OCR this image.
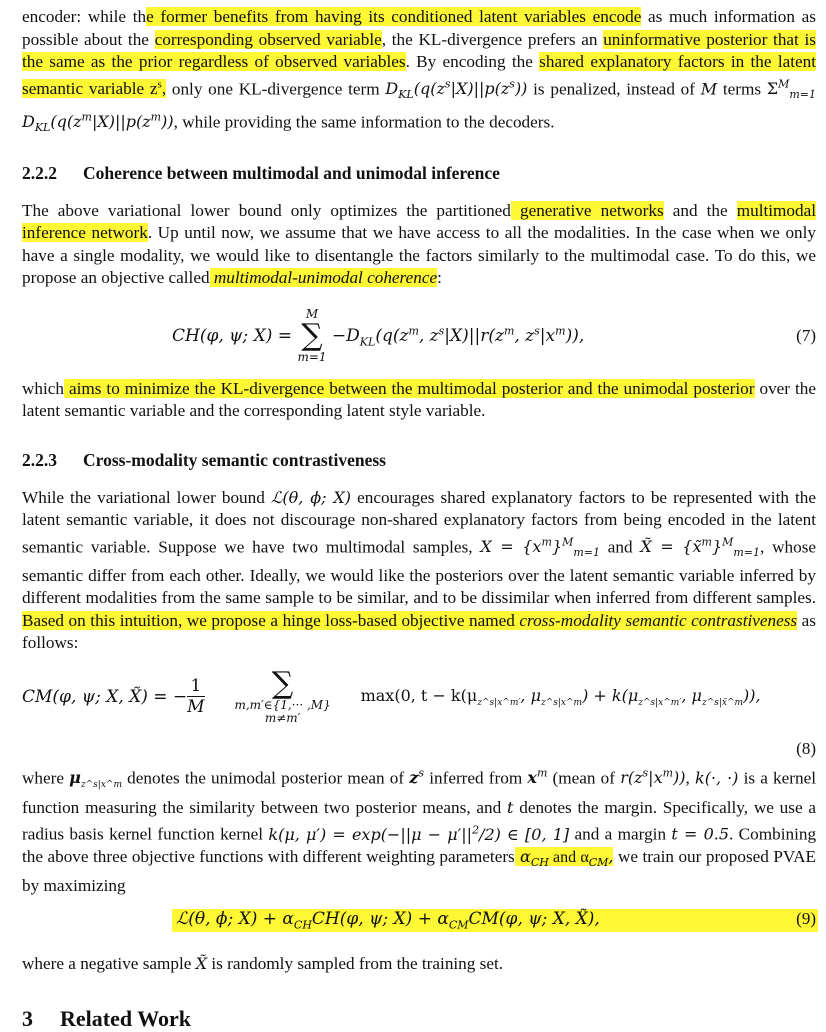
encoder: while the former benefits from having its conditioned latent variables encode as much information as possible about the corresponding observed variable, the KL-divergence prefers an uninformative posterior that is the same as the prior regardless of observed variables. By encoding the shared explanatory factors in the latent semantic variable $z^s$, only one KL-divergence term $D_{KL}(q(z^s|X)||p(z^s))$ is penalized, instead of M terms $\Sigma^M_{m=1}$ $D_{KL}(q(z^m|X)||p(z^m))$, while providing the same information to the decoders.

2.2.2 Coherence between multimodal and unimodal inference

The above variational lower bound only optimizes the partitioned generative networks and the multimodal inference network. Up until now, we assume that we have access to all the modalities. In the case when we only have a single modality, we would like to disentangle the factors similarly to the multimodal case. To do this, we propose an objective called multimodal-unimodal coherence:

CH(φ, ψ; X) =
M
∑
m=1
$-D_{KL}(q(z^m$, $z^s|X)||r(z^m$, $z^s|x^m$)),	(7)

which aims to minimize the KL-divergence between the multimodal posterior and the unimodal posterior over the latent semantic variable and the corresponding latent style variable.

2.2.3 Cross-modality semantic contrastiveness

While the variational lower bound ℒ(θ, ϕ; X) encourages shared explanatory factors to be represented with the latent semantic variable, it does not discourage non-shared explanatory factors from being encoded in the latent semantic variable. Suppose we have two multimodal samples, $X = \{x^m\}^M_{m=1}$ and X̃ = {x̃$^m$}$^M_{m=1}$, whose semantic differ from each other. Ideally, we would like the posteriors over the latent semantic variable inferred by different modalities from the same sample to be similar, and to be dissimilar when inferred from different samples. Based on this intuition, we propose a hinge loss-based objective named cross-modality semantic contrastiveness as follows:

CM(φ, ψ; X, X̃) = − $\frac{1}{M}$	∑
m,m′∈{1,··· ,M}
m≠m′
max(0, $t - k(\mu_{z\^{}s|x\^{}m'}$, $\mu_{z\^{}s|x\^{}m}) + k(\mu_{z\^{}s|x\^{}m'}$, $\mu_{z\^{}s|x̃\^{}m}$)),
(8)

where $\mu_{z\^{}s|x\^{}m}$ denotes the unimodal posterior mean of $z^s$ inferred from $x^m$ (mean of $r(z^s|x^m)$), k(·, ·) is a kernel function measuring the similarity between two posterior means, and t denotes the margin. Specifically, we use a radius basis kernel function kernel k(μ, $\mu') = \exp(-||\mu - \mu'||^2/2)$ ∈ [0, 1] and a margin t = 0.5. Combining the above three objective functions with different weighting parameters $\alpha_{CH}$ and $\alpha_{CM}$, we train our proposed PVAE by maximizing

ℒ(θ, ϕ; $X) + \alpha_{CH}CH(\varphi$, ψ; $X) + \alpha_{CM}CM(\varphi$, ψ; X, X̃),	(9)

where a negative sample X̃ is randomly sampled from the training set.

3 Related Work
